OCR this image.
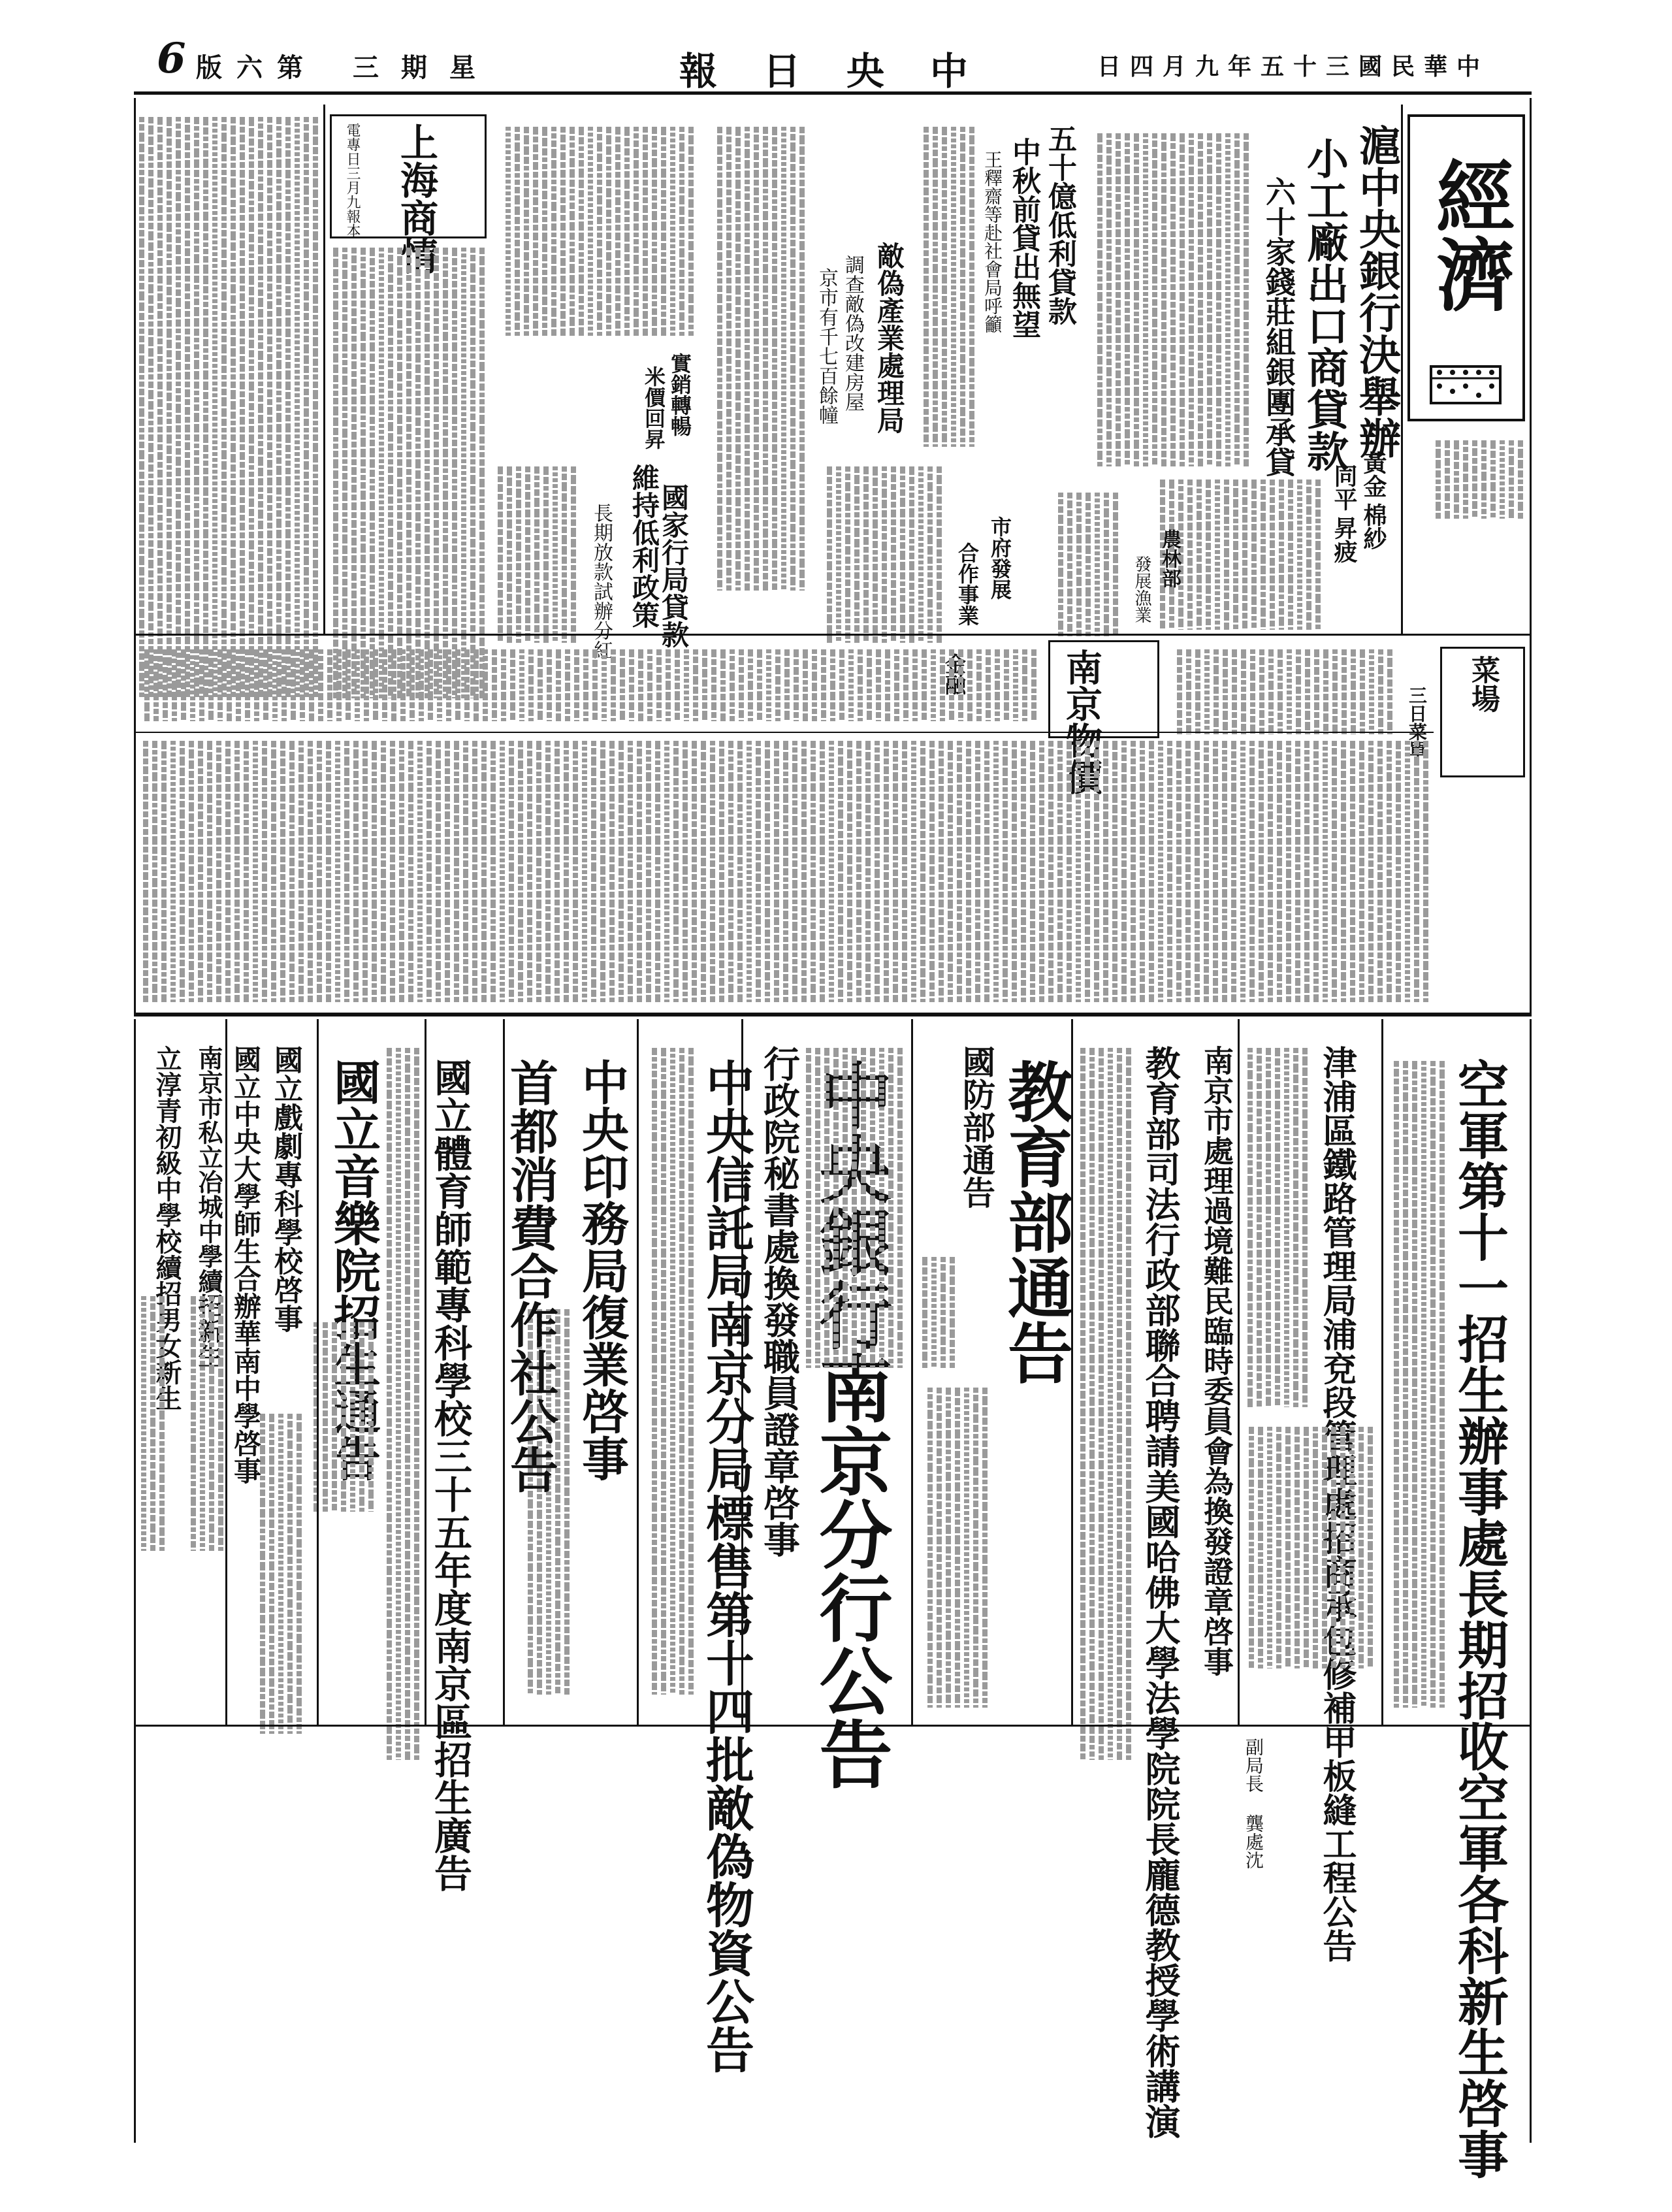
6 版六第 三期星	報日央中	日四月九年五十三國民華中
經濟
滬中央銀行決舉辦
小工廠出口商貸款
六十家錢莊組銀團承貸	黃金
棉紗
同平
昇疲
五十億低利貸款
中秋前貸出無望
王釋齋等赴社會局呼籲
敵偽產業處理局
調查敵偽改建房屋
京市有千七百餘幢
農林部
發展漁業
市府發展
合作事業
國家行局貸款
維持低利政策
長期放款試辦分紅
實銷轉暢
米價回昇
上海商情
電專日三月九報本
南京物價	菜場
三日菜單
空軍第十一招生辦事處長期招收空軍各科新生啓事
津浦區鐵路管理局浦兗段管理處招商承包修補甲板縫工程公告
南京市處理過境難民臨時委員會為換發證章啓事
副局長 龔處沈
教育部司法行政部聯合聘請美國哈佛大學法學院院長龐德教授學術講演
教育部通告
國防部通告
中央銀行南京分行公告
行政院秘書處換發職員證章啓事
中央信託局南京分局標售第十四批敵偽物資公告
中央印務局復業啓事
首都消費合作社公告
國立體育師範專科學校三十五年度南京區招生廣告
國立音樂院招生通告
國立戲劇專科學校啓事
國立中央大學師生合辦華南中學啓事
南京市私立冶城中學續招新生
立淳青初級中學校續招男女新生
